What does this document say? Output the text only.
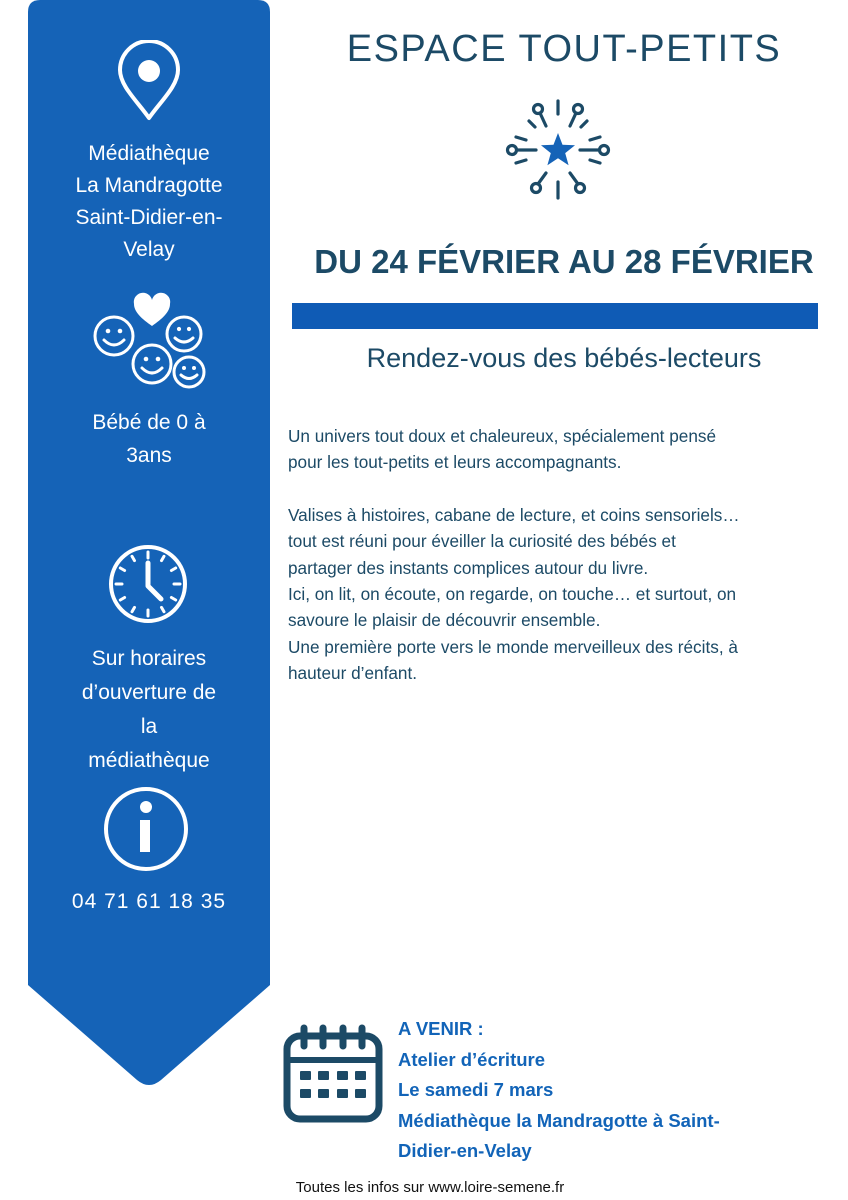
Médiathèque
La Mandragotte
Saint-Didier-en-
Velay
Bébé de 0 à
3ans
Sur horaires
d’ouverture de
la
médiathèque
04 71 61 18 35
ESPACE TOUT-PETITS
DU 24 FÉVRIER AU 28 FÉVRIER
Rendez-vous des bébés-lecteurs

Un univers tout doux et chaleureux, spécialement pensé

pour les tout-petits et leurs accompagnants.

Valises à histoires, cabane de lecture, et coins sensoriels…

tout est réuni pour éveiller la curiosité des bébés et

partager des instants complices autour du livre.

Ici, on lit, on écoute, on regarde, on touche… et surtout, on

savoure le plaisir de découvrir ensemble.

Une première porte vers le monde merveilleux des récits, à

hauteur d’enfant.

A VENIR :
Atelier d’écriture
Le samedi 7 mars
Médiathèque la Mandragotte à Saint-
Didier-en-Velay
Toutes les infos sur www.loire-semene.fr
